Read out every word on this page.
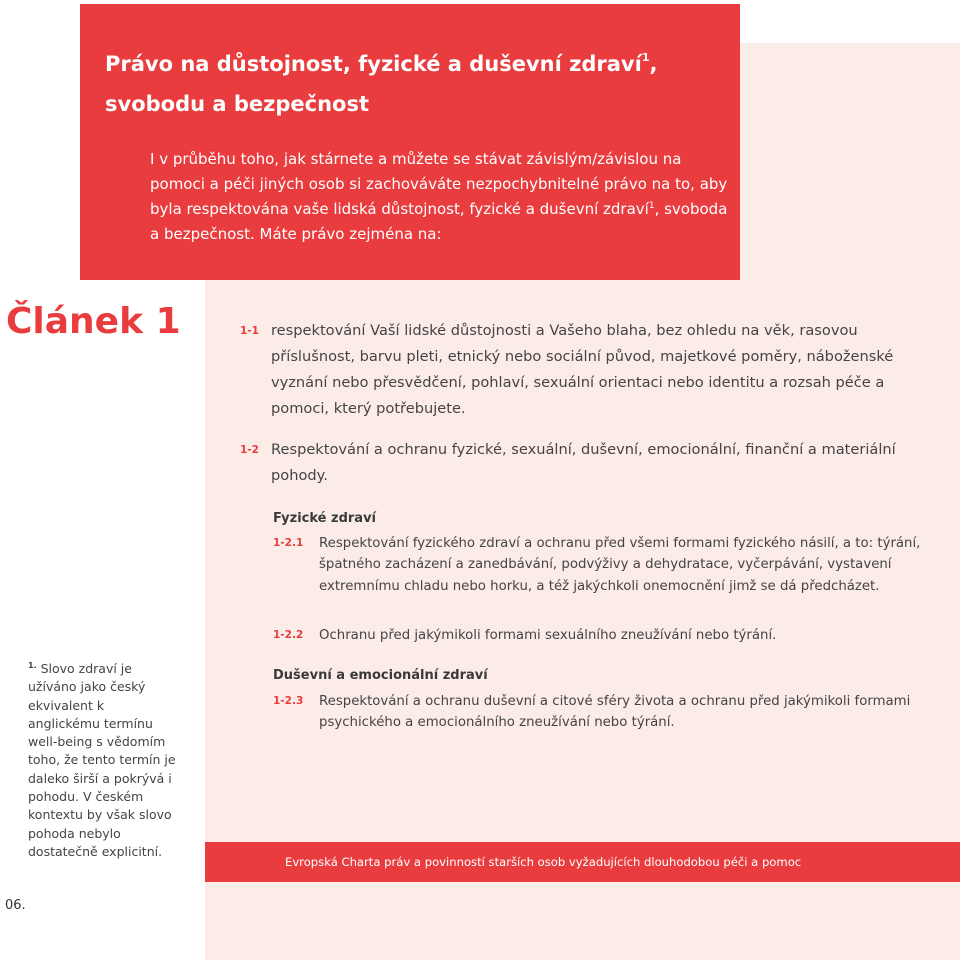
Právo na důstojnost, fyzické a duševní zdraví$^1$, svobodu a bezpečnost

I v průběhu toho, jak stárnete a můžete se stávat závislým/závislou na pomoci a péči jiných osob si zachováváte nezpochybnitelné právo na to, aby byla respektována vaše lidská důstojnost, fyzické a duševní zdraví$^1$, svoboda a bezpečnost. Máte právo zejména na:

Článek 1

$^{1.}$ Slovo zdraví je užíváno jako český ekvivalent k anglickému termínu well-being s vědomím toho, že tento termín je daleko širší a pokrývá i pohodu. V českém kontextu by však slovo pohoda nebylo dostatečně explicitní.

1-1 respektování Vaší lidské důstojnosti a Vašeho blaha, bez ohledu na věk, rasovou příslušnost, barvu pleti, etnický nebo sociální původ, majetkové poměry, náboženské vyznání nebo přesvědčení, pohlaví, sexuální orientaci nebo identitu a rozsah péče a pomoci, který potřebujete.
1-2 Respektování a ochranu fyzické, sexuální, duševní, emocionální, finanční a materiální pohody.
Fyzické zdraví
1-2.1 Respektování fyzického zdraví a ochranu před všemi formami fyzického násilí, a to: týrání, špatného zacházení a zanedbávání, podvýživy a dehydratace, vyčerpávání, vystavení extremnímu chladu nebo horku, a též jakýchkoli onemocnění jimž se dá předcházet.
1-2.2 Ochranu před jakýmikoli formami sexuálního zneužívání nebo týrání.
Duševní a emocionální zdraví
1-2.3 Respektování a ochranu duševní a citové sféry života a ochranu před jakýmikoli formami psychického a emocionálního zneužívání nebo týrání.

Evropská Charta práv a povinností starších osob vyžadujících dlouhodobou péči a pomoc

06.
